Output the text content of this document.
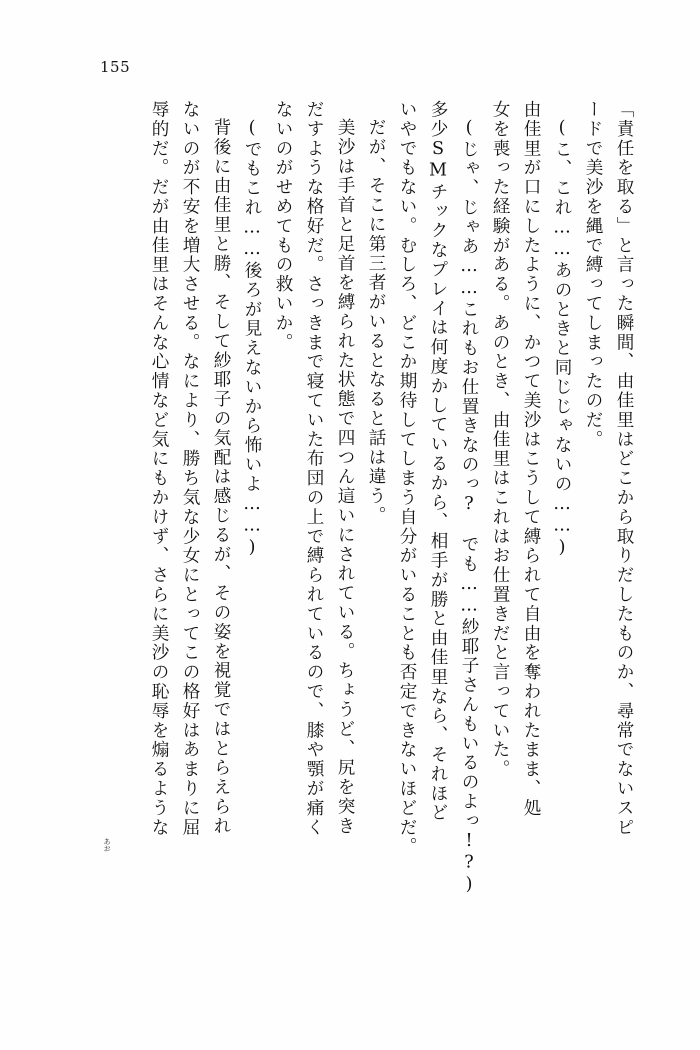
155
「責任を取る」と言った瞬間、由佳里はどこから取りだしたものか、尋常でないスピ
ードで美沙を縄で縛ってしまったのだ。
(こ、これ……あのときと同じじゃないの……)
由佳里が口にしたように、かつて美沙はこうして縛られて自由を奪われたまま、処
女を喪った経験がある。あのとき、由佳里はこれはお仕置きだと言っていた。
(じゃ、じゃあ……これもお仕置きなのっ?　でも……紗耶子さんもいるのよっ!?)
多少SMチックなプレイは何度かしているから、相手が勝と由佳里なら、それほど
いやでもない。むしろ、どこか期待してしまう自分がいることも否定できないほどだ。
だが、そこに第三者がいるとなると話は違う。
美沙は手首と足首を縛られた状態で四つん這いにされている。ちょうど、尻を突き
だすような格好だ。さっきまで寝ていた布団の上で縛られているので、膝や顎が痛く
ないのがせめてもの救いか。
(でもこれ……後ろが見えないから怖いよ……)
背後に由佳里と勝、そして紗耶子の気配は感じるが、その姿を視覚ではとらえられ
ないのが不安を増大させる。なにより、勝ち気な少女にとってこの格好はあまりに屈
辱的だ。だが由佳里はそんな心情など気にもかけず、さらに美沙の恥辱を煽るような
あお
